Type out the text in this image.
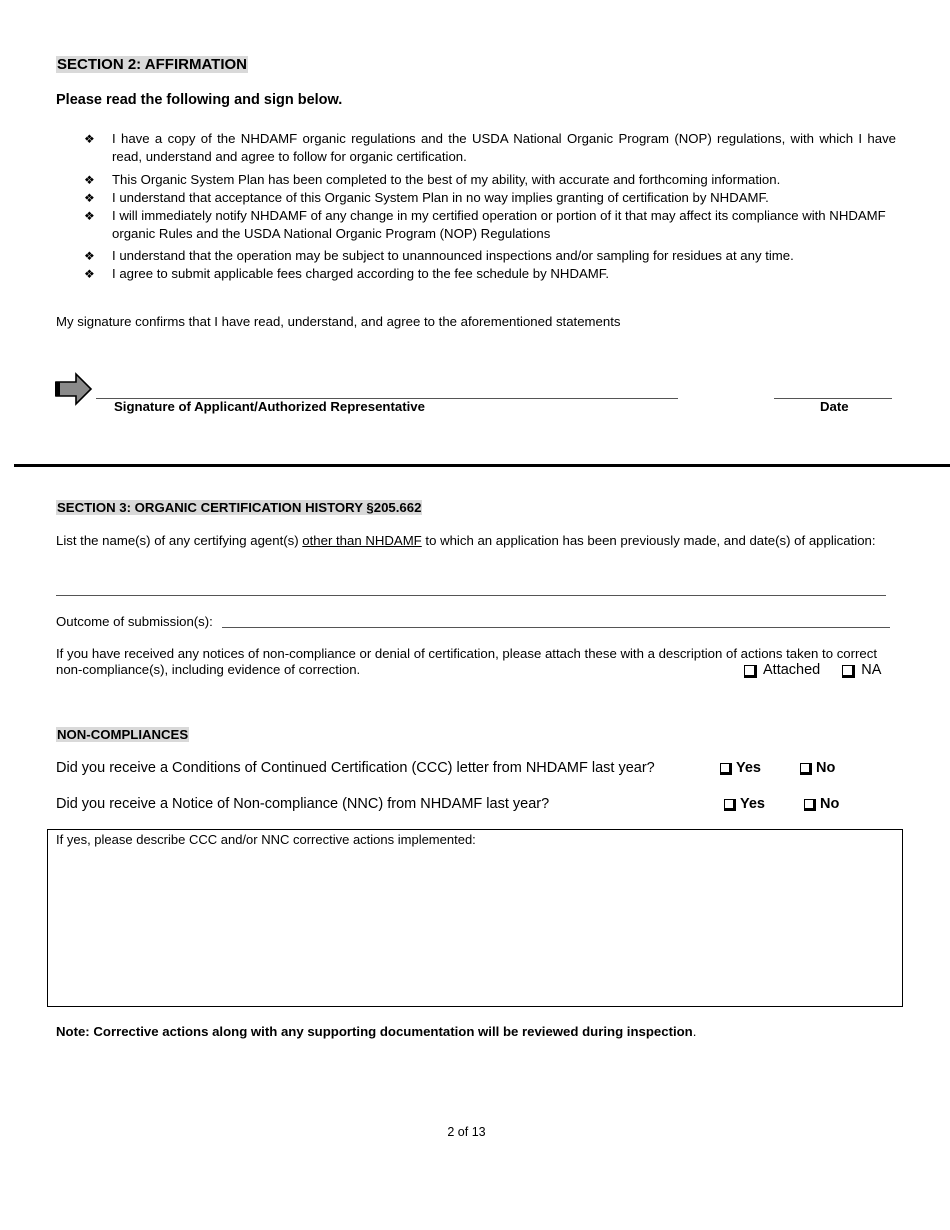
SECTION 2: AFFIRMATION
Please read the following and sign below.
❖ I have a copy of the NHDAMF organic regulations and the USDA National Organic Program (NOP) regulations, with which I have read, understand and agree to follow for organic certification.
❖ This Organic System Plan has been completed to the best of my ability, with accurate and forthcoming information.
❖ I understand that acceptance of this Organic System Plan in no way implies granting of certification by NHDAMF.
❖ I will immediately notify NHDAMF of any change in my certified operation or portion of it that may affect its compliance with NHDAMF organic Rules and the USDA National Organic Program (NOP) Regulations
❖ I understand that the operation may be subject to unannounced inspections and/or sampling for residues at any time.
❖ I agree to submit applicable fees charged according to the fee schedule by NHDAMF.
My signature confirms that I have read, understand, and agree to the aforementioned statements
Signature of Applicant/Authorized Representative	Date
SECTION 3: ORGANIC CERTIFICATION HISTORY §205.662
List the name(s) of any certifying agent(s) other than NHDAMF to which an application has been previously made, and date(s) of application:
Outcome of submission(s):
If you have received any notices of non-compliance or denial of certification, please attach these with a description of actions taken to correct non-compliance(s), including evidence of correction.	Attached	NA
NON-COMPLIANCES
Did you receive a Conditions of Continued Certification (CCC) letter from NHDAMF last year?	Yes	No
Did you receive a Notice of Non-compliance (NNC) from NHDAMF last year?	Yes	No
If yes, please describe CCC and/or NNC corrective actions implemented:
Note: Corrective actions along with any supporting documentation will be reviewed during inspection.
2 of 13
